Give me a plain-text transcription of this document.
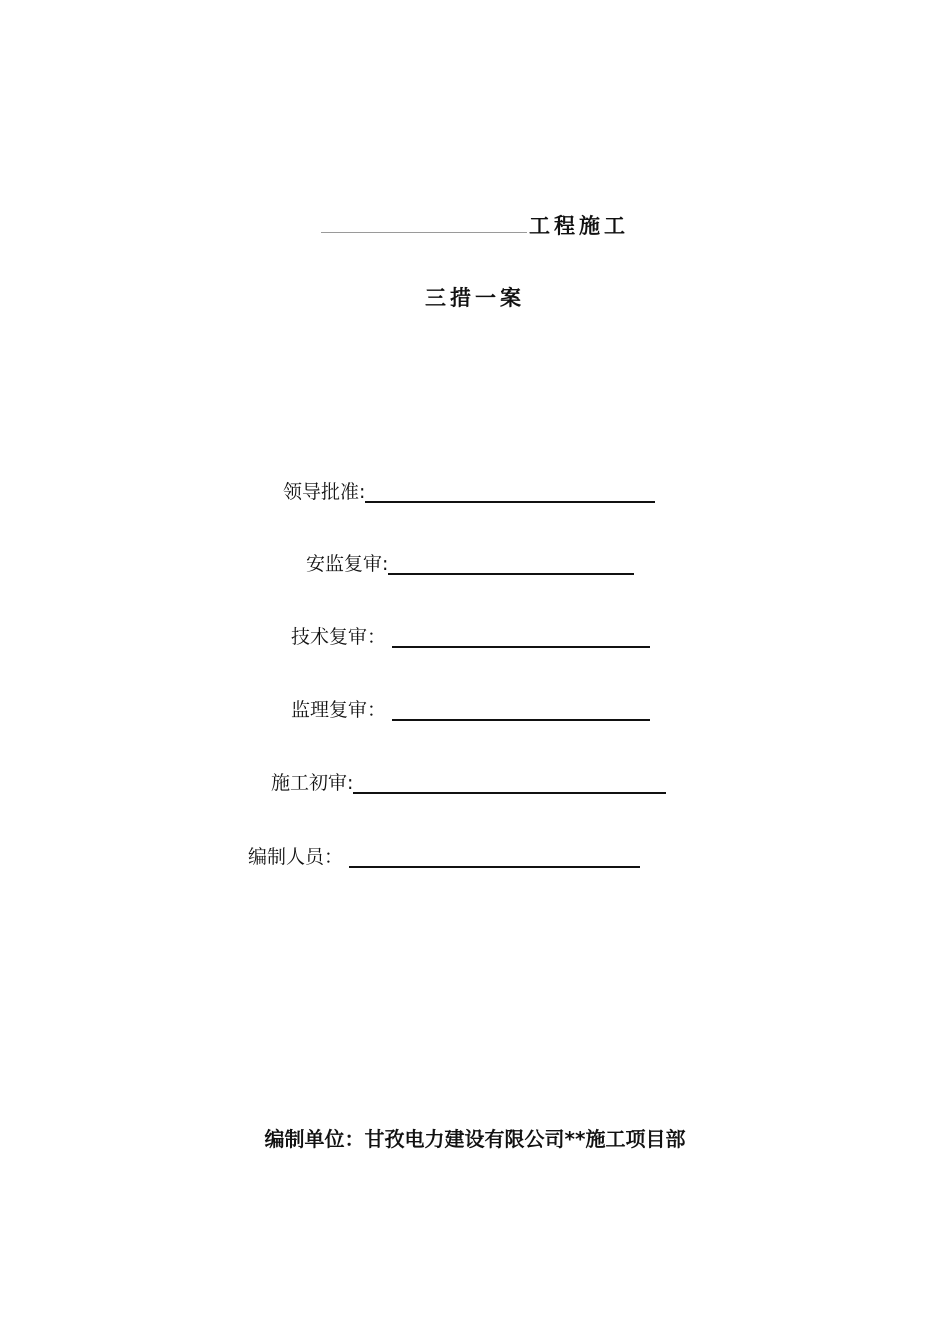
工程施工
三措一案
领导批准:
安监复审:
技术复审：
监理复审：
施工初审:
编制人员：
编制单位：甘孜电力建设有限公司**施工项目部
